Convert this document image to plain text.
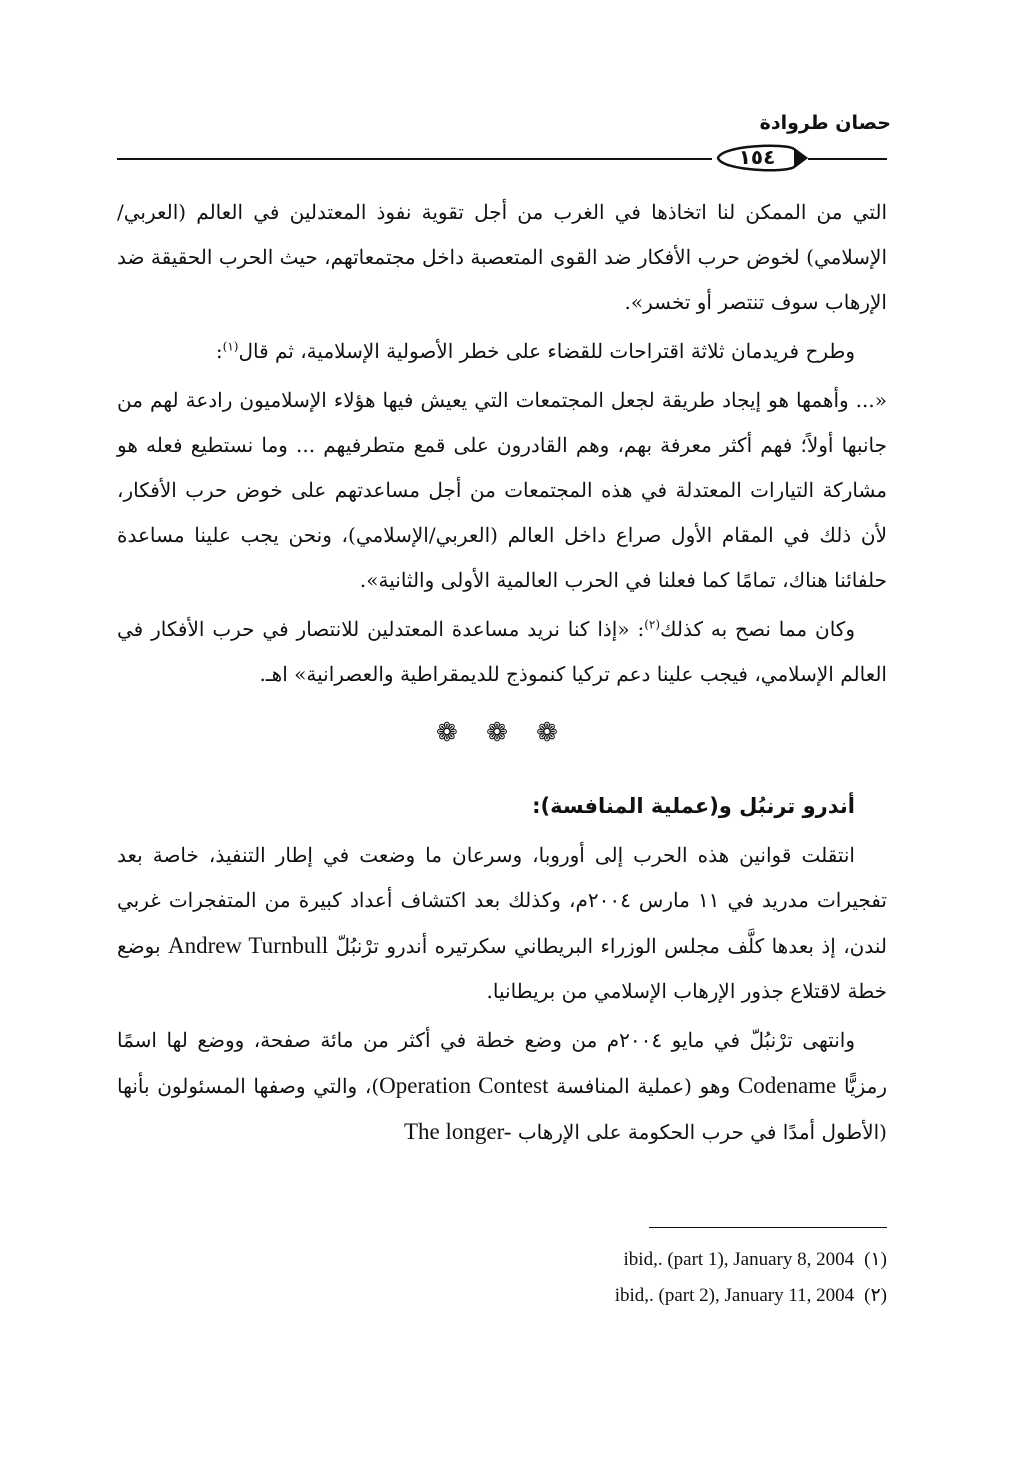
حصان طروادة
١٥٤

التي من الممكن لنا اتخاذها في الغرب من أجل تقوية نفوذ المعتدلين في العالم (العربي/ الإسلامي) لخوض حرب الأفكار ضد القوى المتعصبة داخل مجتمعاتهم، حيث الحرب الحقيقة ضد الإرهاب سوف تنتصر أو تخسر».

وطرح فريدمان ثلاثة اقتراحات للقضاء على خطر الأصولية الإسلامية، ثم قال$^{(١)}$:

«... وأهمها هو إيجاد طريقة لجعل المجتمعات التي يعيش فيها هؤلاء الإسلاميون رادعة لهم من جانبها أولاً؛ فهم أكثر معرفة بهم، وهم القادرون على قمع متطرفيهم ... وما نستطيع فعله هو مشاركة التيارات المعتدلة في هذه المجتمعات من أجل مساعدتهم على خوض حرب الأفكار، لأن ذلك في المقام الأول صراع داخل العالم (العربي/الإسلامي)، ونحن يجب علينا مساعدة حلفائنا هناك، تمامًا كما فعلنا في الحرب العالمية الأولى والثانية».

وكان مما نصح به كذلك$^{(٢)}$: «إذا كنا نريد مساعدة المعتدلين للانتصار في حرب الأفكار في العالم الإسلامي، فيجب علينا دعم تركيا كنموذج للديمقراطية والعصرانية» اهـ.

❁ ❁ ❁

أندرو ترنبُل و(عملية المنافسة):

انتقلت قوانين هذه الحرب إلى أوروبا، وسرعان ما وضعت في إطار التنفيذ، خاصة بعد تفجيرات مدريد في ١١ مارس ٢٠٠٤م، وكذلك بعد اكتشاف أعداد كبيرة من المتفجرات غربي لندن، إذ بعدها كلَّف مجلس الوزراء البريطاني سكرتيره أندرو ترْنبُلّ Andrew Turnbull بوضع خطة لاقتلاع جذور الإرهاب الإسلامي من بريطانيا.

وانتهى ترْنبُلّ في مايو ٢٠٠٤م من وضع خطة في أكثر من مائة صفحة، ووضع لها اسمًا رمزيًّا Codename وهو (عملية المنافسة Operation Contest)، والتي وصفها المسئولون بأنها (الأطول أمدًا في حرب الحكومة على الإرهاب The longer-

(١)ibid,. (part 1), January 8, 2004
(٢)ibid,. (part 2), January 11, 2004
